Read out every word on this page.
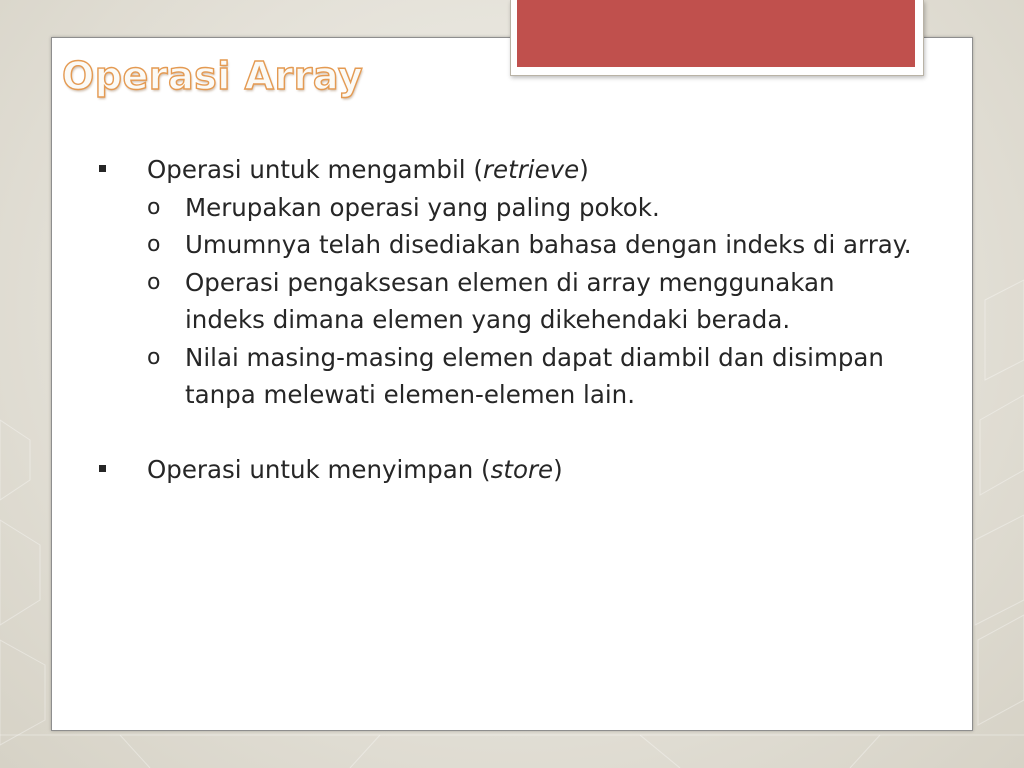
Operasi Array
Operasi untuk mengambil (retrieve)
o Merupakan operasi yang paling pokok.
o Umumnya telah disediakan bahasa dengan indeks di array.
o Operasi pengaksesan elemen di array menggunakan indeks dimana elemen yang dikehendaki berada.
o Nilai masing-masing elemen dapat diambil dan disimpan tanpa melewati elemen-elemen lain.
Operasi untuk menyimpan (store)
